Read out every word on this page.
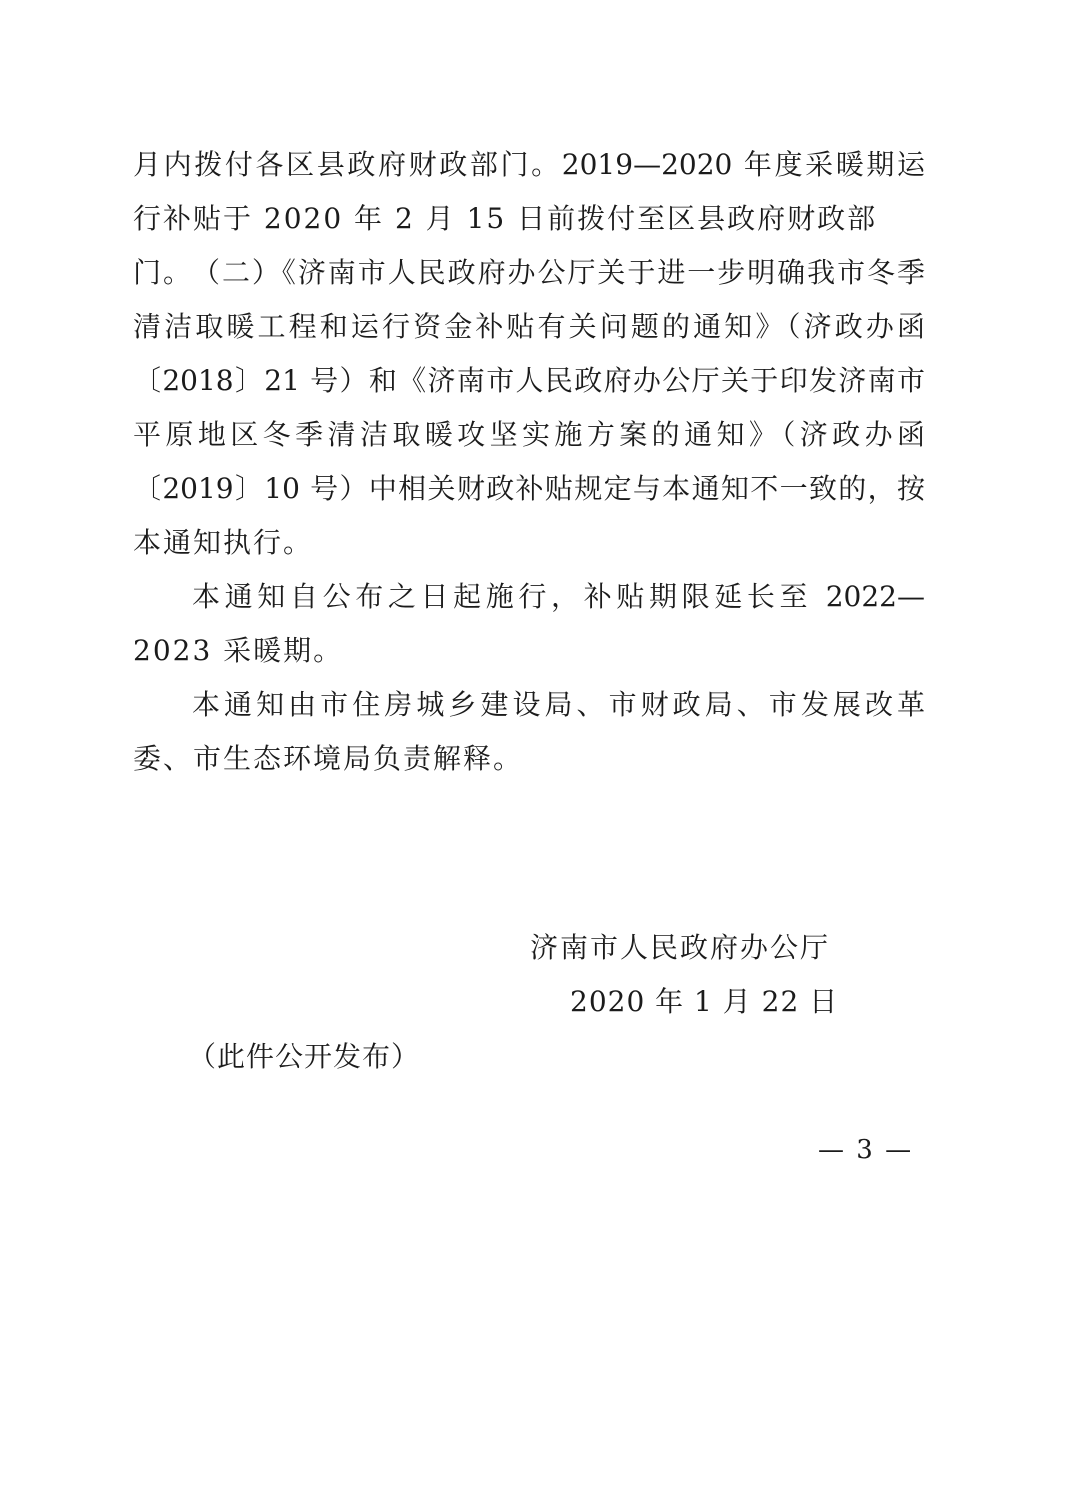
月内拨付各区县政府财政部门。2019—2020 年度采暖期运
行补贴于 2020 年 2 月 15 日前拨付至区县政府财政部门。
（二）《济南市人民政府办公厅关于进一步明确我市冬季
清洁取暖工程和运行资金补贴有关问题的通知》（济政办函
〔2018〕21 号）和《济南市人民政府办公厅关于印发济南市
平原地区冬季清洁取暖攻坚实施方案的通知》（济政办函
〔2019〕10 号）中相关财政补贴规定与本通知不一致的，按
本通知执行。
本通知自公布之日起施行，补贴期限延长至 2022—
2023 采暖期。
本通知由市住房城乡建设局、市财政局、市发展改革
委、市生态环境局负责解释。
济南市人民政府办公厅
2020 年 1 月 22 日
（此件公开发布）
— 3 —
